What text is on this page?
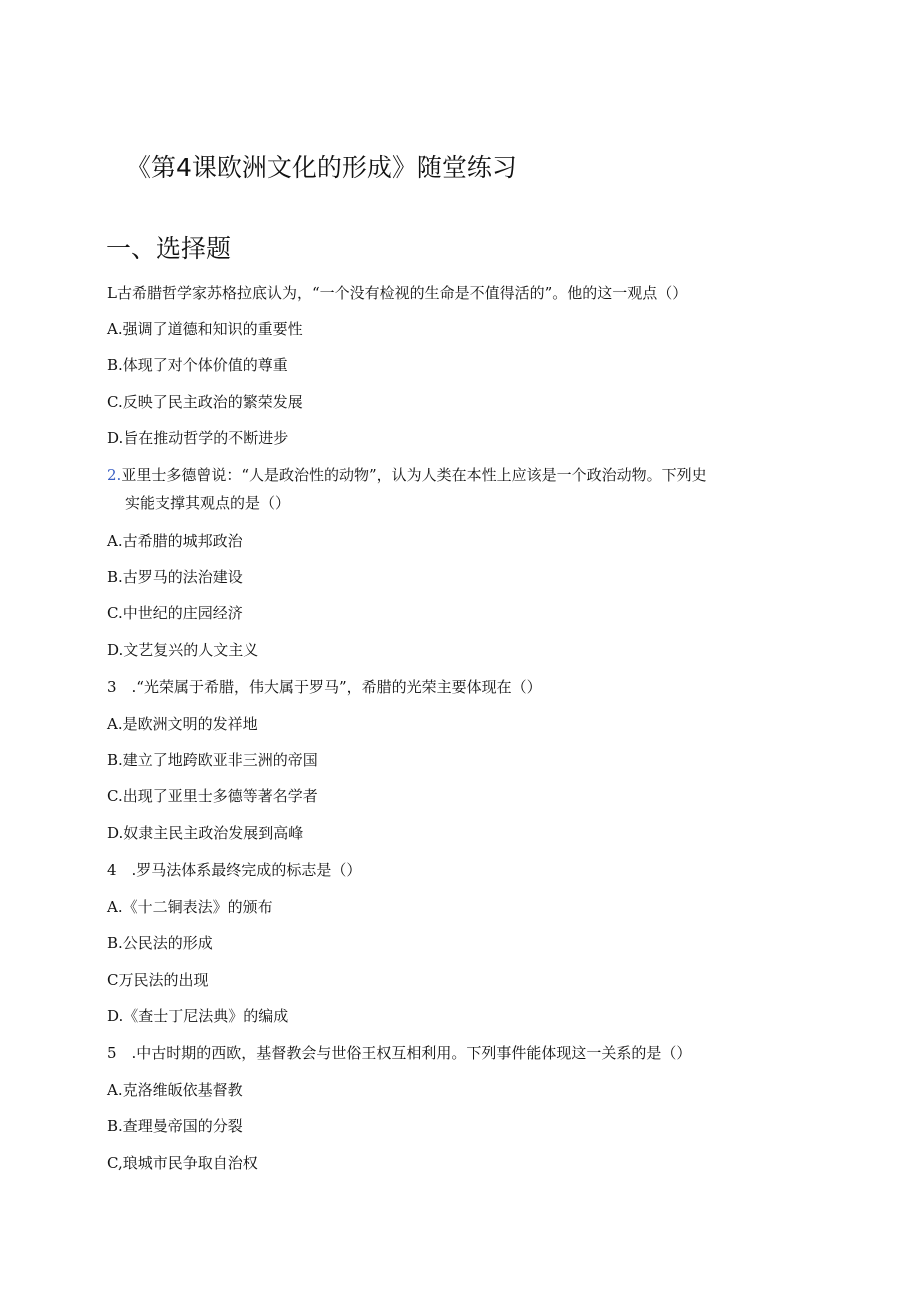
《第4课欧洲文化的形成》随堂练习
一、选择题
L古希腊哲学家苏格拉底认为，“一个没有检视的生命是不值得活的”。他的这一观点（）
A.强调了道德和知识的重要性
B.体现了对个体价值的尊重
C.反映了民主政治的繁荣发展
D.旨在推动哲学的不断进步
2.亚里士多德曾说：“人是政治性的动物”，认为人类在本性上应该是一个政治动物。下列史
实能支撑其观点的是（）
A.古希腊的城邦政治
B.古罗马的法治建设
C.中世纪的庄园经济
D.文艺复兴的人文主义
3　.“光荣属于希腊，伟大属于罗马”，希腊的光荣主要体现在（）
A.是欧洲文明的发祥地
B.建立了地跨欧亚非三洲的帝国
C.出现了亚里士多德等著名学者
D.奴隶主民主政治发展到高峰
4　.罗马法体系最终完成的标志是（）
A.《十二铜表法》的颁布
B.公民法的形成
C万民法的出现
D.《查士丁尼法典》的编成
5　.中古时期的西欧，基督教会与世俗王权互相利用。下列事件能体现这一关系的是（）
A.克洛维皈依基督教
B.查理曼帝国的分裂
C,琅城市民争取自治权
